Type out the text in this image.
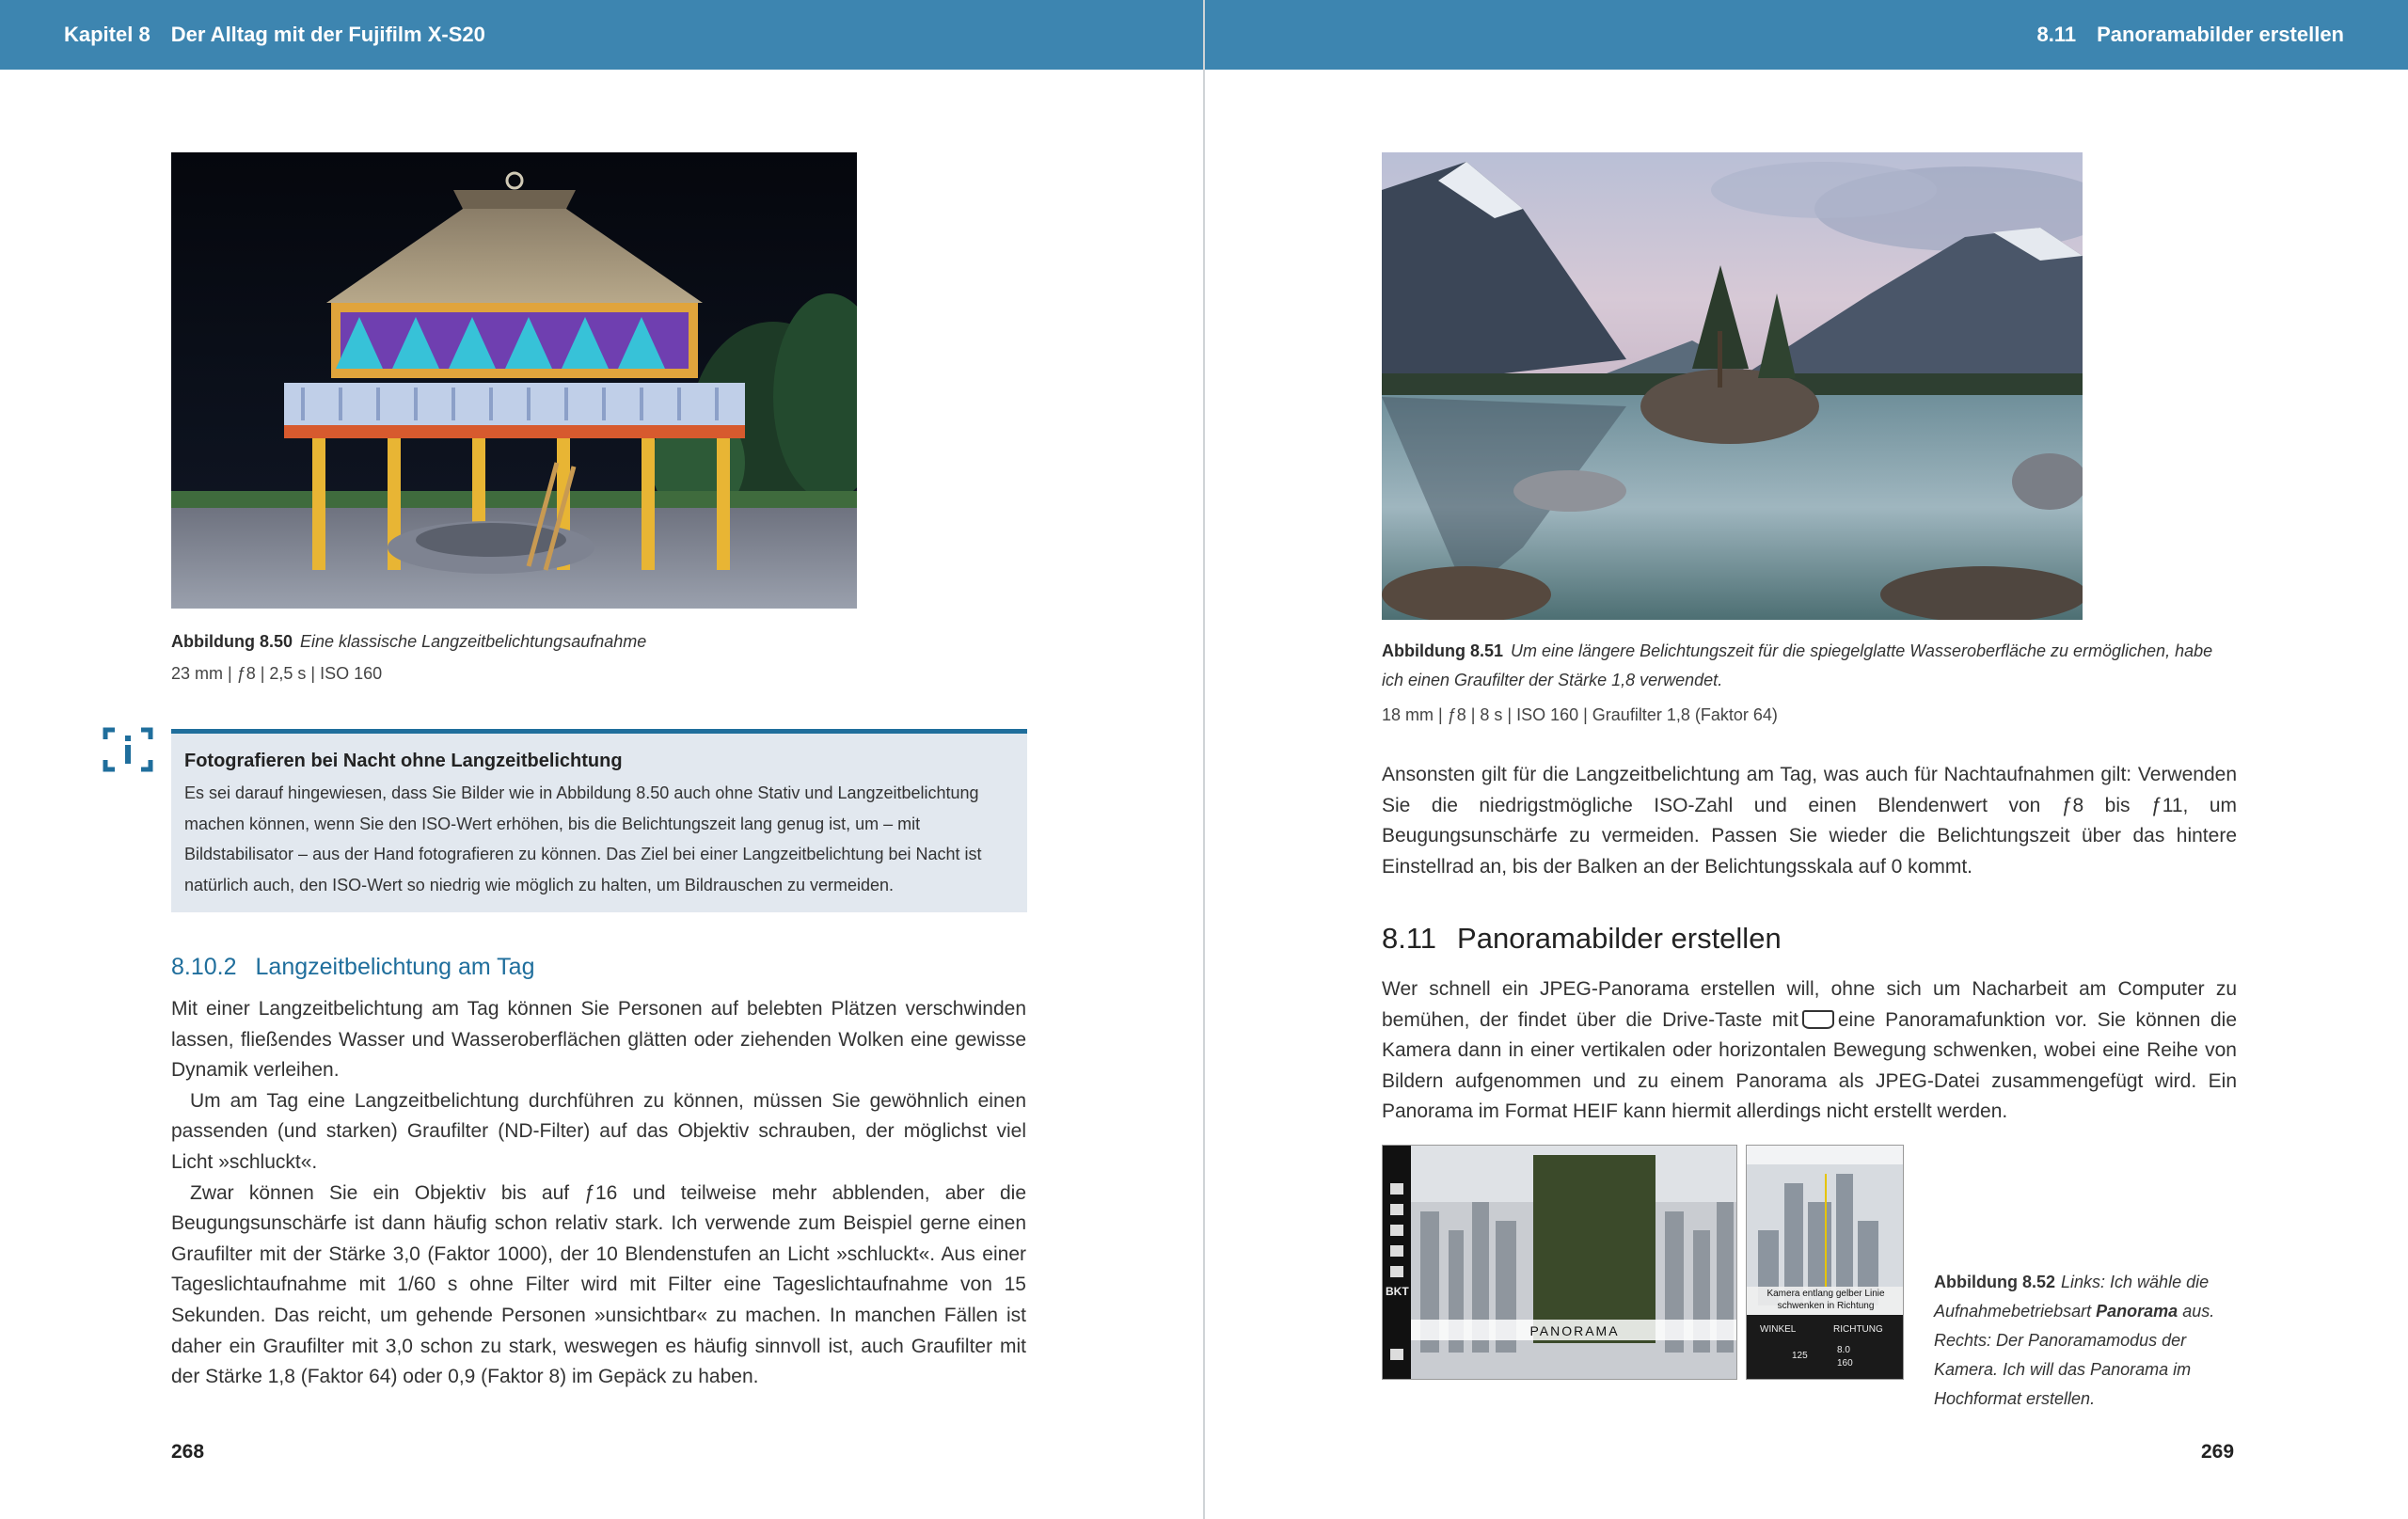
Kapitel 8 Der Alltag mit der Fujifilm X-S20	8.11 Panoramabilder erstellen
Abbildung 8.50 Eine klassische Langzeitbelichtungsaufnahme
23 mm | ƒ8 | 2,5 s | ISO 160
Fotografieren bei Nacht ohne Langzeitbelichtung
Es sei darauf hingewiesen, dass Sie Bilder wie in Abbildung 8.50 auch ohne Stativ und Langzeitbelichtung machen können, wenn Sie den ISO-Wert erhöhen, bis die Belichtungszeit lang genug ist, um – mit Bildstabilisator – aus der Hand fotografieren zu können. Das Ziel bei einer Langzeitbelichtung bei Nacht ist natürlich auch, den ISO-Wert so niedrig wie möglich zu halten, um Bildrauschen zu vermeiden.
8.10.2 Langzeitbelichtung am Tag

Mit einer Langzeitbelichtung am Tag können Sie Personen auf belebten Plätzen verschwinden lassen, fließendes Wasser und Wasseroberflächen glätten oder ziehenden Wolken eine gewisse Dynamik verleihen.

Um am Tag eine Langzeitbelichtung durchführen zu können, müssen Sie gewöhnlich einen passenden (und starken) Graufilter (ND-Filter) auf das Objektiv schrauben, der möglichst viel Licht »schluckt«.

Zwar können Sie ein Objektiv bis auf ƒ16 und teilweise mehr abblenden, aber die Beugungsunschärfe ist dann häufig schon relativ stark. Ich verwende zum Beispiel gerne einen Graufilter mit der Stärke 3,0 (Faktor 1000), der 10 Blendenstufen an Licht »schluckt«. Aus einer Tageslichtaufnahme mit 1/60 s ohne Filter wird mit Filter eine Tageslichtaufnahme von 15 Sekunden. Das reicht, um gehende Personen »unsichtbar« zu machen. In manchen Fällen ist daher ein Graufilter mit 3,0 schon zu stark, weswegen es häufig sinnvoll ist, auch Graufilter mit der Stärke 1,8 (Faktor 64) oder 0,9 (Faktor 8) im Gepäck zu haben.

268
Abbildung 8.51 Um eine längere Belichtungszeit für die spiegelglatte Wasseroberfläche zu ermöglichen, habe ich einen Graufilter der Stärke 1,8 verwendet.
18 mm | ƒ8 | 8 s | ISO 160 | Graufilter 1,8 (Faktor 64)

Ansonsten gilt für die Langzeitbelichtung am Tag, was auch für Nachtaufnahmen gilt: Verwenden Sie die niedrigstmögliche ISO-Zahl und einen Blendenwert von ƒ8 bis ƒ11, um Beugungsunschärfe zu vermeiden. Passen Sie wieder die Belichtungszeit über das hintere Einstellrad an, bis der Balken an der Belichtungsskala auf 0 kommt.

8.11 Panoramabilder erstellen

Wer schnell ein JPEG-Panorama erstellen will, ohne sich um Nacharbeit am Computer zu bemühen, der findet über die Drive-Taste mit eine Panoramafunktion vor. Sie können die Kamera dann in einer vertikalen oder horizontalen Bewegung schwenken, wobei eine Reihe von Bildern aufgenommen und zu einem Panorama als JPEG-Datei zusammengefügt wird. Ein Panorama im Format HEIF kann hiermit allerdings nicht erstellt werden.

BKT
PANORAMA
Kamera entlang gelber Linie
schwenken in Richtung
WINKEL	RICHTUNG
125
8.0
160
Abbildung 8.52 Links: Ich wähle die Aufnahmebetriebsart Panorama aus. Rechts: Der Panoramamodus der Kamera. Ich will das Panorama im Hochformat erstellen.
269
